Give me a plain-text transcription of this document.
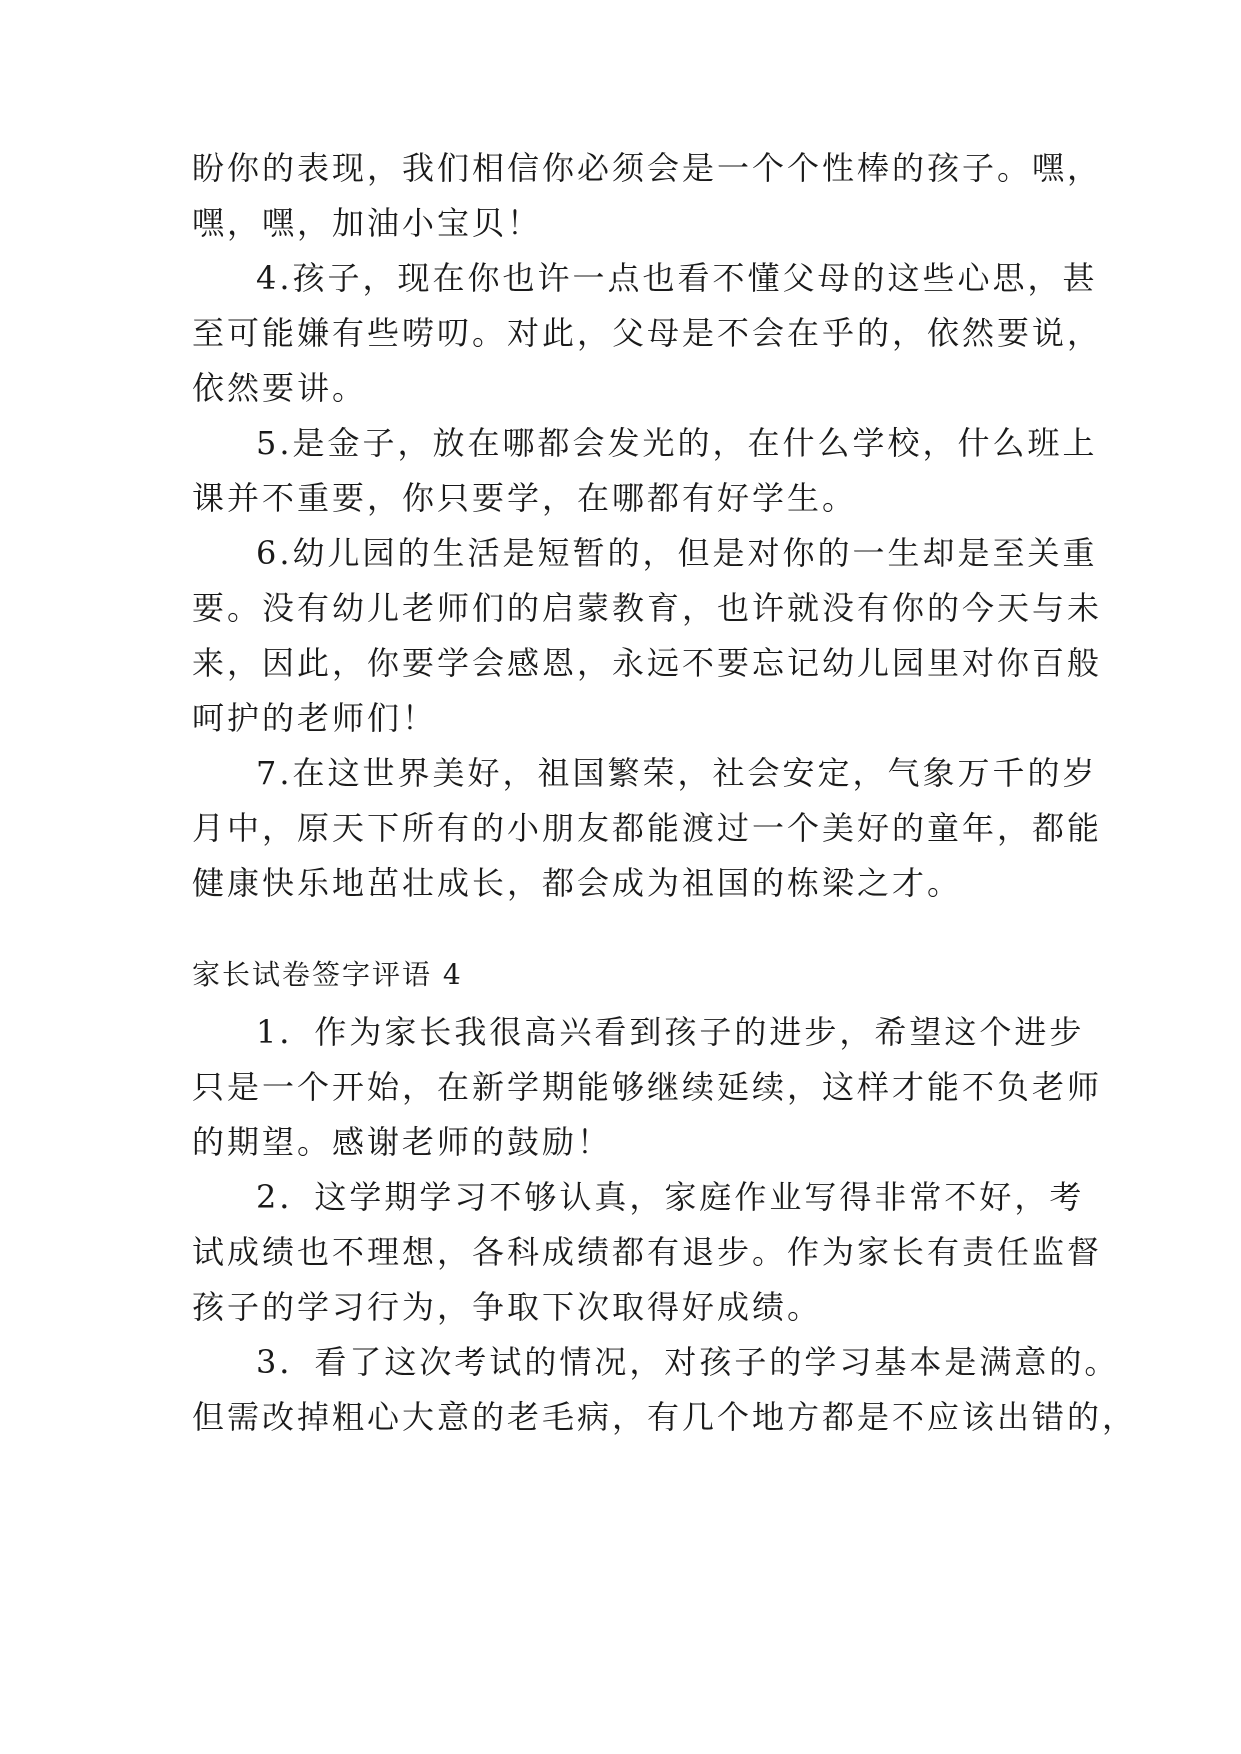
盼你的表现，我们相信你必须会是一个个性棒的孩子。嘿，
嘿，嘿，加油小宝贝！
4.孩子，现在你也许一点也看不懂父母的这些心思，甚
至可能嫌有些唠叨。对此，父母是不会在乎的，依然要说，
依然要讲。
5.是金子，放在哪都会发光的，在什么学校，什么班上
课并不重要，你只要学，在哪都有好学生。
6.幼儿园的生活是短暂的，但是对你的一生却是至关重
要。没有幼儿老师们的启蒙教育，也许就没有你的今天与未
来，因此，你要学会感恩，永远不要忘记幼儿园里对你百般
呵护的老师们！
7.在这世界美好，祖国繁荣，社会安定，气象万千的岁
月中，原天下所有的小朋友都能渡过一个美好的童年，都能
健康快乐地茁壮成长，都会成为祖国的栋梁之才。
家长试卷签字评语 4
1．作为家长我很高兴看到孩子的进步，希望这个进步
只是一个开始，在新学期能够继续延续，这样才能不负老师
的期望。感谢老师的鼓励！
2．这学期学习不够认真，家庭作业写得非常不好，考
试成绩也不理想，各科成绩都有退步。作为家长有责任监督
孩子的学习行为，争取下次取得好成绩。
3．看了这次考试的情况，对孩子的学习基本是满意的。
但需改掉粗心大意的老毛病，有几个地方都是不应该出错的，
